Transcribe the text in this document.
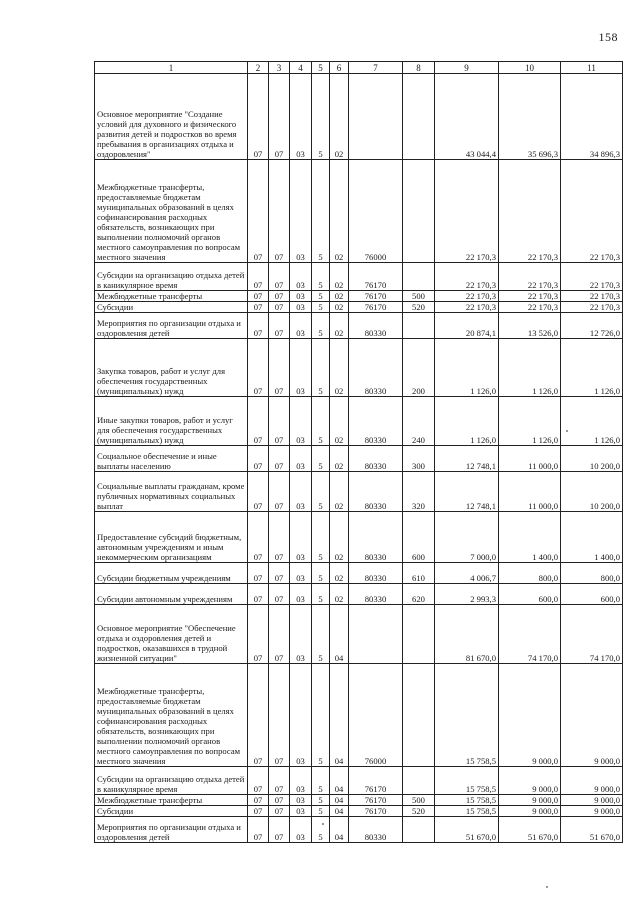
158
1	2	3	4	5	6	7	8	9	10	11
Основное мероприятие "Создание условий для духовного и физического развития детей и подростков во время пребывания в организациях отдыха и оздоровления"	07	07	03	5	02			43 044,4	35 696,3	34 896,3
Межбюджетные трансферты, предоставляемые бюджетам муниципальных образований в целях софинансирования расходных обязательств, возникающих при выполнении полномочий органов местного самоуправления по вопросам местного значения	07	07	03	5	02	76000		22 170,3	22 170,3	22 170,3
Субсидии на организацию отдыха детей в каникулярное время	07	07	03	5	02	76170		22 170,3	22 170,3	22 170,3
Межбюджетные трансферты	07	07	03	5	02	76170	500	22 170,3	22 170,3	22 170,3
Субсидии	07	07	03	5	02	76170	520	22 170,3	22 170,3	22 170,3
Мероприятия по организации отдыха и оздоровления детей	07	07	03	5	02	80330		20 874,1	13 526,0	12 726,0
Закупка товаров, работ и услуг для обеспечения государственных (муниципальных) нужд	07	07	03	5	02	80330	200	1 126,0	1 126,0	1 126,0
Иные закупки товаров, работ и услуг для обеспечения государственных (муниципальных) нужд	07	07	03	5	02	80330	240	1 126,0	1 126,0	1 126,0
Социальное обеспечение и иные выплаты населению	07	07	03	5	02	80330	300	12 748,1	11 000,0	10 200,0
Социальные выплаты гражданам, кроме публичных нормативных социальных выплат	07	07	03	5	02	80330	320	12 748,1	11 000,0	10 200,0
Предоставление субсидий бюджетным, автономным учреждениям и иным некоммерческим организациям	07	07	03	5	02	80330	600	7 000,0	1 400,0	1 400,0
Субсидии бюджетным учреждениям	07	07	03	5	02	80330	610	4 006,7	800,0	800,0
Субсидии автономным учреждениям	07	07	03	5	02	80330	620	2 993,3	600,0	600,0
Основное мероприятие "Обеспечение отдыха и оздоровления детей и подростков, оказавшихся в трудной жизненной ситуации"	07	07	03	5	04			81 670,0	74 170,0	74 170,0
Межбюджетные трансферты, предоставляемые бюджетам муниципальных образований в целях софинансирования расходных обязательств, возникающих при выполнении полномочий органов местного самоуправления по вопросам местного значения	07	07	03	5	04	76000		15 758,5	9 000,0	9 000,0
Субсидии на организацию отдыха детей в каникулярное время	07	07	03	5	04	76170		15 758,5	9 000,0	9 000,0
Межбюджетные трансферты	07	07	03	5	04	76170	500	15 758,5	9 000,0	9 000,0
Субсидии	07	07	03	5	04	76170	520	15 758,5	9 000,0	9 000,0
Мероприятия по организации отдыха и оздоровления детей	07	07	03	5	04	80330		51 670,0	51 670,0	51 670,0
